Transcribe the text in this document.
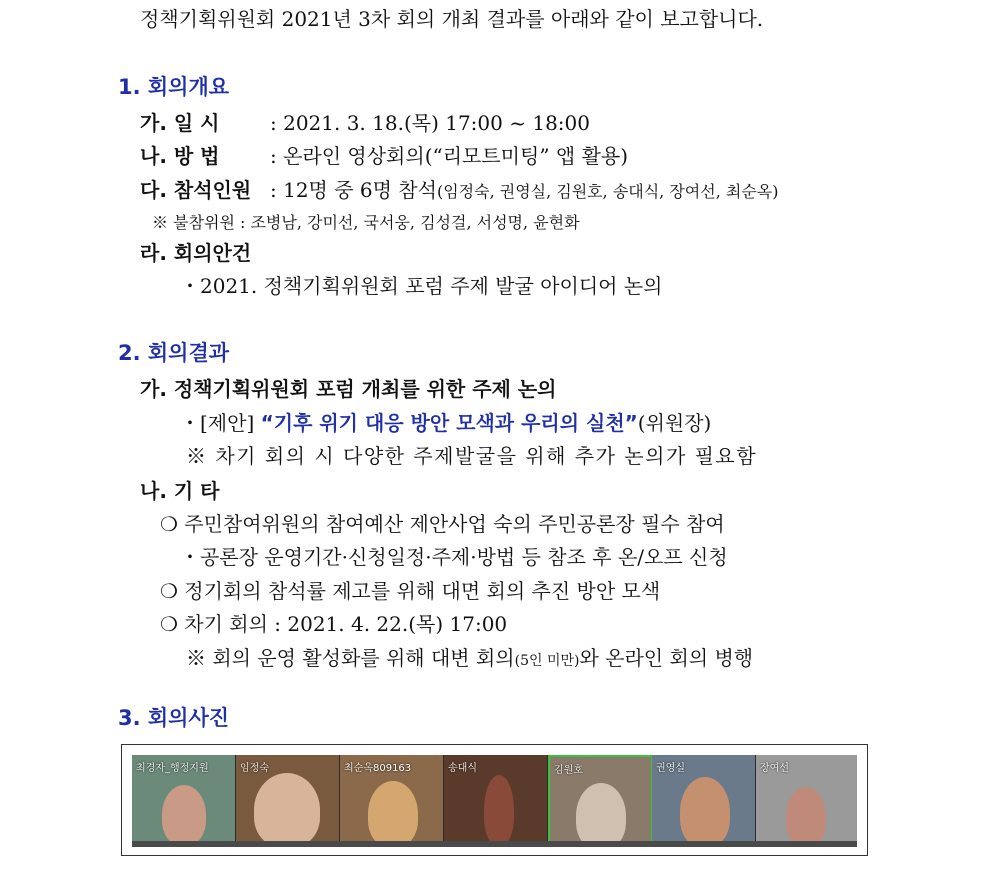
정책기획위원회 2021년 3차 회의 개최 결과를 아래와 같이 보고합니다.
1. 회의개요
가. 일 시	: 2021. 3. 18.(목) 17:00 ~ 18:00
나. 방 법	: 온라인 영상회의(“리모트미팅” 앱 활용)
다. 참석인원 : 12명 중 6명 참석(임정숙, 권영실, 김원호, 송대식, 장여선, 최순옥)
※ 불참위원 : 조병남, 강미선, 국서웅, 김성걸, 서성명, 윤현화
라. 회의안건
・2021. 정책기획위원회 포럼 주제 발굴 아이디어 논의
2. 회의결과
가. 정책기획위원회 포럼 개최를 위한 주제 논의
・[제안] “기후 위기 대응 방안 모색과 우리의 실천”(위원장)
※ 차기 회의 시 다양한 주제발굴을 위해 추가 논의가 필요함
나. 기 타
❍ 주민참여위원의 참여예산 제안사업 숙의 주민공론장 필수 참여
・공론장 운영기간·신청일정·주제·방법 등 참조 후 온/오프 신청
❍ 정기회의 참석률 제고를 위해 대면 회의 추진 방안 모색
❍ 차기 회의 : 2021. 4. 22.(목) 17:00
※ 회의 운영 활성화를 위해 대변 회의(5인 미만)와 온라인 회의 병행
3. 회의사진
최경자_행정지원	임정숙	최순옥809163	송대식	김원호	권영실	장여선
